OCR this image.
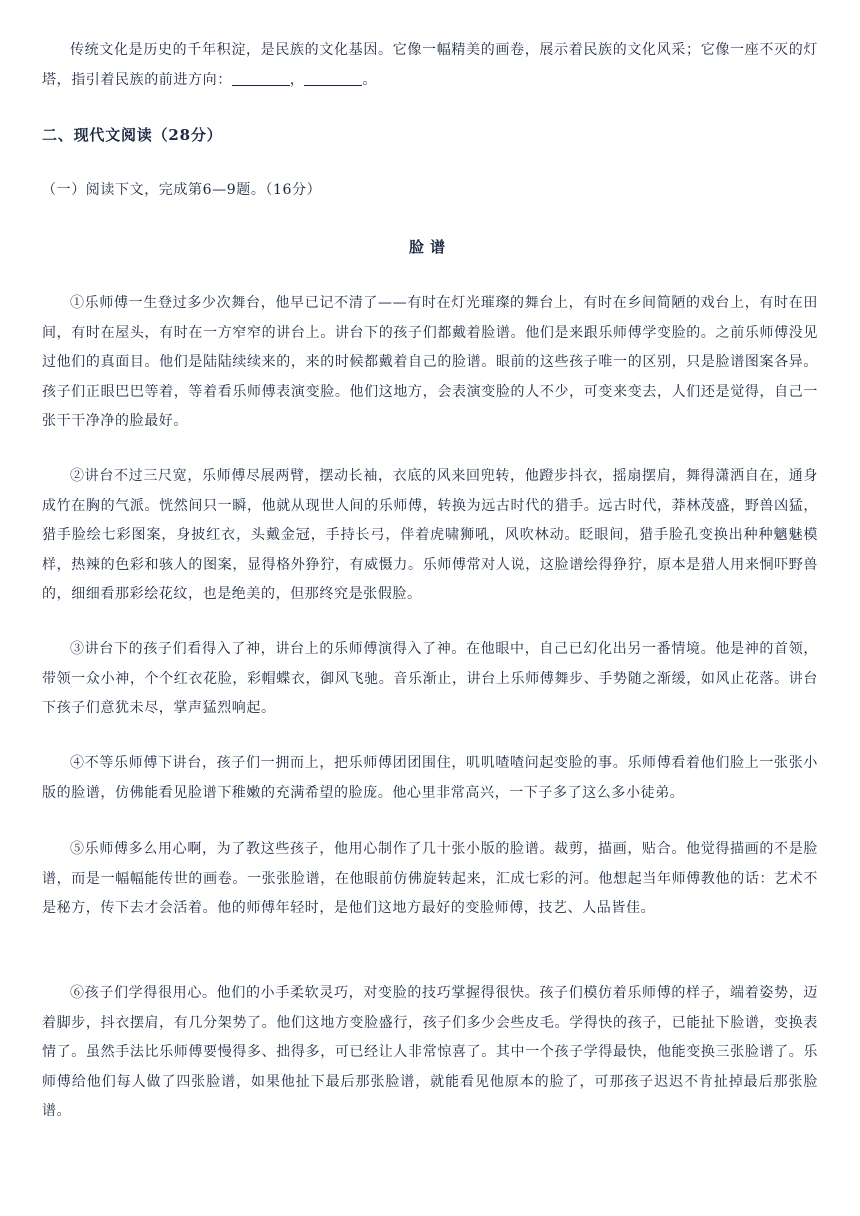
传统文化是历史的千年积淀，是民族的文化基因。它像一幅精美的画卷，展示着民族的文化风采；它像一座不灭的灯塔，指引着民族的前进方向：	，	。

二、现代文阅读（28分）

（一）阅读下文，完成第6—9题。（16分）

脸谱

①乐师傅一生登过多少次舞台，他早已记不清了——有时在灯光璀璨的舞台上，有时在乡间简陋的戏台上，有时在田间，有时在屋头，有时在一方窄窄的讲台上。讲台下的孩子们都戴着脸谱。他们是来跟乐师傅学变脸的。之前乐师傅没见过他们的真面目。他们是陆陆续续来的，来的时候都戴着自己的脸谱。眼前的这些孩子唯一的区别，只是脸谱图案各异。孩子们正眼巴巴等着，等着看乐师傅表演变脸。他们这地方，会表演变脸的人不少，可变来变去，人们还是觉得，自己一张干干净净的脸最好。

②讲台不过三尺宽，乐师傅尽展两臂，摆动长袖，衣底的风来回兜转，他蹬步抖衣，摇扇摆肩，舞得潇洒自在，通身成竹在胸的气派。恍然间只一瞬，他就从现世人间的乐师傅，转换为远古时代的猎手。远古时代，莽林茂盛，野兽凶猛，猎手脸绘七彩图案，身披红衣，头戴金冠，手持长弓，伴着虎啸狮吼，风吹林动。眨眼间，猎手脸孔变换出种种魑魅模样，热辣的色彩和骇人的图案，显得格外狰狞，有威慑力。乐师傅常对人说，这脸谱绘得狰狞，原本是猎人用来恫吓野兽的，细细看那彩绘花纹，也是绝美的，但那终究是张假脸。

③讲台下的孩子们看得入了神，讲台上的乐师傅演得入了神。在他眼中，自己已幻化出另一番情境。他是神的首领，带领一众小神，个个红衣花脸，彩帽蝶衣，御风飞驰。音乐渐止，讲台上乐师傅舞步、手势随之渐缓，如风止花落。讲台下孩子们意犹未尽，掌声猛烈响起。

④不等乐师傅下讲台，孩子们一拥而上，把乐师傅团团围住，叽叽喳喳问起变脸的事。乐师傅看着他们脸上一张张小版的脸谱，仿佛能看见脸谱下稚嫩的充满希望的脸庞。他心里非常高兴，一下子多了这么多小徒弟。

⑤乐师傅多么用心啊，为了教这些孩子，他用心制作了几十张小版的脸谱。裁剪，描画，贴合。他觉得描画的不是脸谱，而是一幅幅能传世的画卷。一张张脸谱，在他眼前仿佛旋转起来，汇成七彩的河。他想起当年师傅教他的话：艺术不是秘方，传下去才会活着。他的师傅年轻时，是他们这地方最好的变脸师傅，技艺、人品皆佳。

⑥孩子们学得很用心。他们的小手柔软灵巧，对变脸的技巧掌握得很快。孩子们模仿着乐师傅的样子，端着姿势，迈着脚步，抖衣摆肩，有几分架势了。他们这地方变脸盛行，孩子们多少会些皮毛。学得快的孩子，已能扯下脸谱，变换表情了。虽然手法比乐师傅要慢得多、拙得多，可已经让人非常惊喜了。其中一个孩子学得最快，他能变换三张脸谱了。乐师傅给他们每人做了四张脸谱，如果他扯下最后那张脸谱，就能看见他原本的脸了，可那孩子迟迟不肯扯掉最后那张脸谱。
